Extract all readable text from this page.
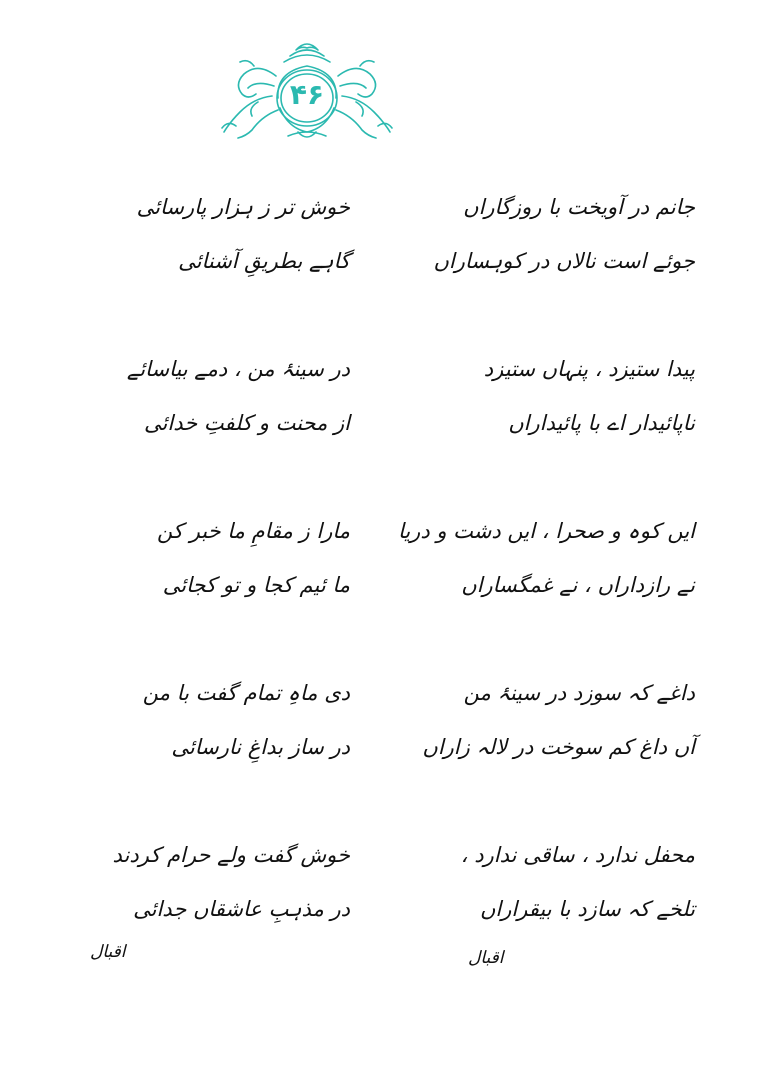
۴۶
جانم در آویخت با روزگاراں
خوش تر ز ہزار پارسائی
جوئے است نالاں در کوہساراں
گاہے بطریقِ آشنائی
پیدا ستیزد ، پنہاں ستیزد
در سینۂ من ، دمے بیاسائے
ناپائیدار اے با پائیداراں
از محنت و کلفتِ خدائی
ایں کوہ و صحرا ، ایں دشت و دریا
مارا ز مقامِ ما خبر کن
نے رازداراں ، نے غمگساراں
ما ئیم کجا و تو کجائی
داغے کہ سوزد در سینۂ من
دی ماہِ تمام گفت با من
آں داغ کم سوخت در لالہ زاراں
در ساز بداغِ نارسائی
محفل ندارد ، ساقی ندارد ،
خوش گفت ولے حرام کردند
تلخے کہ سازد با بیقراراں
در مذہبِ عاشقاں جدائی
اقبال
اقبال
